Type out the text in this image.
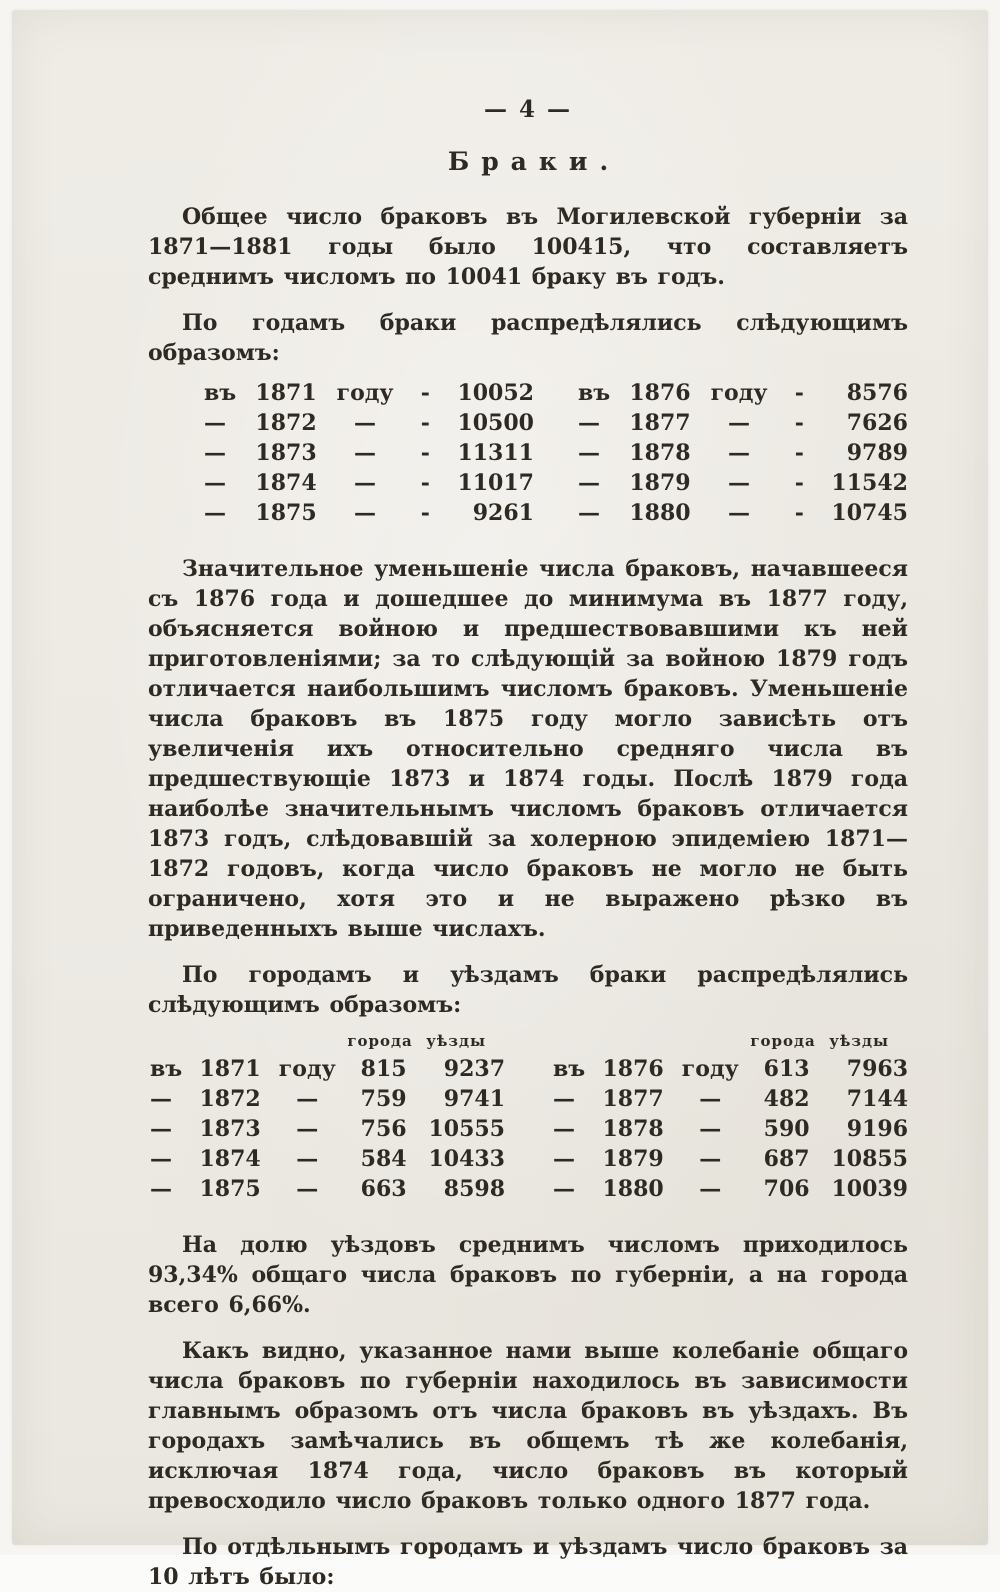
— 4 —
Браки.

Общее число браковъ въ Могилевской губерніи за 1871—1881 годы было 100415, что составляетъ среднимъ числомъ по 10041 браку въ годъ.

По годамъ браки распредѣлялись слѣдующимъ образомъ:

въ 1871 году	-	10052 въ 1876 году	-	8576
—	1872	—	-	10500 —	1877	—	-	7626
—	1873	—	-	11311 —	1878	—	-	9789
—	1874	—	-	11017 —	1879	—	-	11542
—	1875	—	-	9261 —	1880	—	-	10745

Значительное уменьшеніе числа браковъ, начавшееся съ 1876 года и дошедшее до минимума въ 1877 году, объясняется войною и предшествовавшими къ ней приготовленіями; за то слѣдующій за войною 1879 годъ отличается наибольшимъ числомъ браковъ. Уменьшеніе числа браковъ въ 1875 году могло зависѣть отъ увеличенія ихъ относительно средняго числа въ предшествующіе 1873 и 1874 годы. Послѣ 1879 года наиболѣе значительнымъ числомъ браковъ отличается 1873 годъ, слѣдовавшій за холерною эпидеміею 1871—1872 годовъ, когда число браковъ не могло не быть ограничено, хотя это и не выражено рѣзко въ приведенныхъ выше числахъ.

По городамъ и уѣздамъ браки распредѣлялись слѣдующимъ образомъ:

города уѣзды	города уѣзды
въ 1871 году	815	9237 въ 1876 году	613	7963
—	1872	—	759	9741 —	1877	—	482	7144
—	1873	—	756 10555 —	1878	—	590	9196
—	1874	—	584 10433 —	1879	—	687 10855
—	1875	—	663	8598 —	1880	—	706 10039

На долю уѣздовъ среднимъ числомъ приходилось 93,34% общаго числа браковъ по губерніи, а на города всего 6,66%.

Какъ видно, указанное нами выше колебаніе общаго числа браковъ по губерніи находилось въ зависимости главнымъ образомъ отъ числа браковъ въ уѣздахъ. Въ городахъ замѣчались въ общемъ тѣ же колебанія, исключая 1874 года, число браковъ въ который превосходило число браковъ только одного 1877 года.

По отдѣльнымъ городамъ и уѣздамъ число браковъ за 10 лѣтъ было:
